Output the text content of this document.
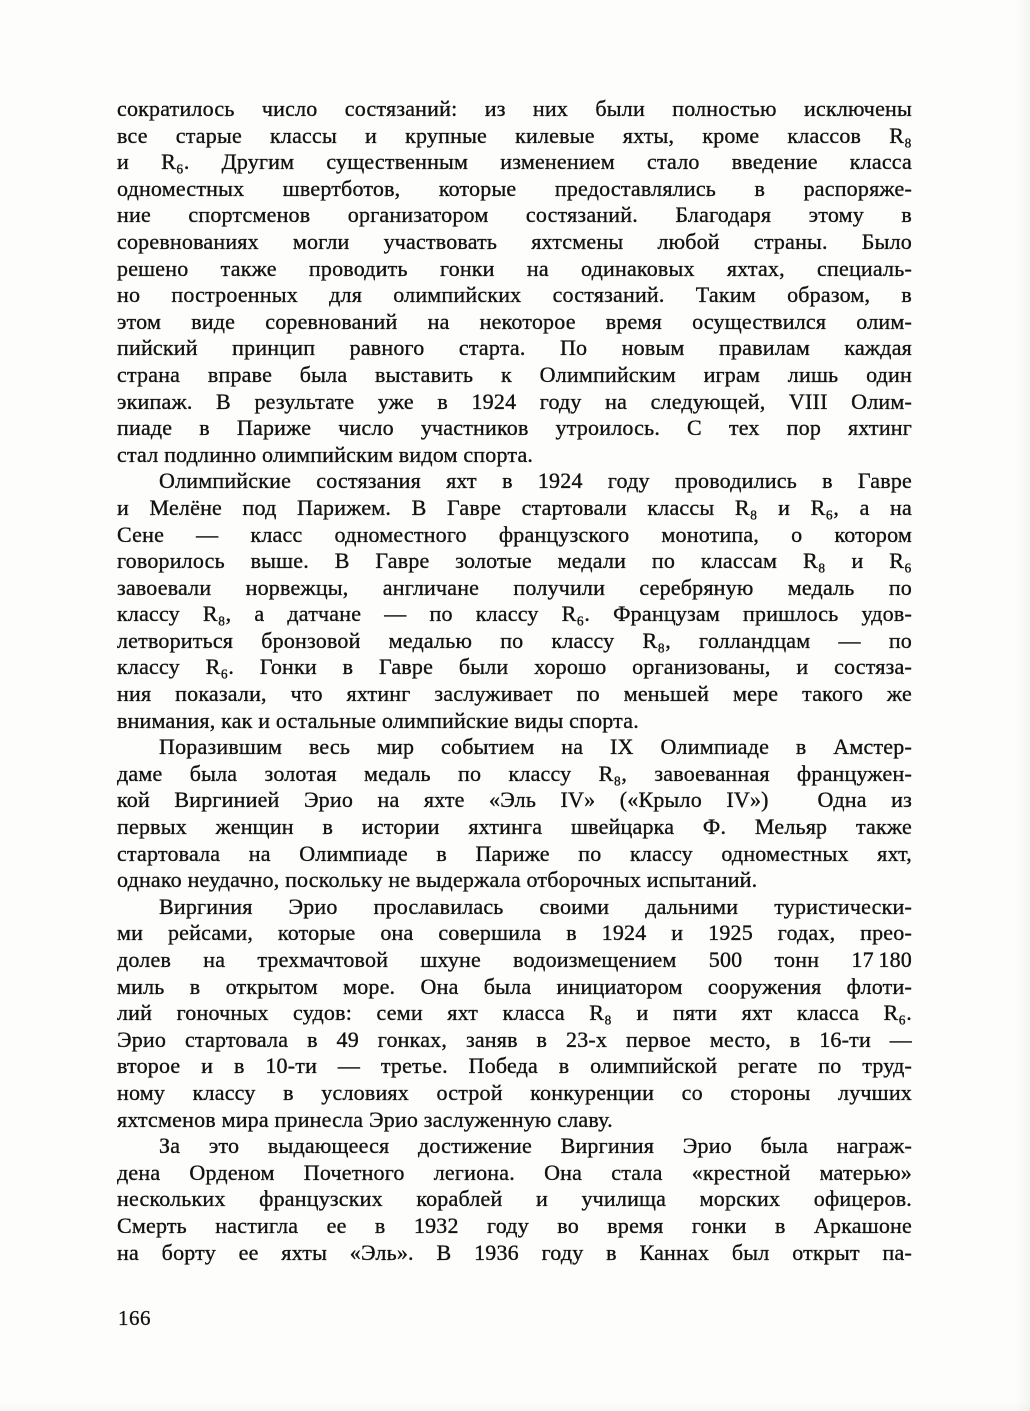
сократилось число состязаний: из них были полностью исключены
все старые классы и крупные килевые яхты, кроме классов R₈
и R₆. Другим существенным изменением стало введение класса
одноместных швертботов, которые предоставлялись в распоряже-
ние спортсменов организатором состязаний. Благодаря этому в
соревнованиях могли участвовать яхтсмены любой страны. Было
решено также проводить гонки на одинаковых яхтах, специаль-
но построенных для олимпийских состязаний. Таким образом, в
этом виде соревнований на некоторое время осуществился олим-
пийский принцип равного старта. По новым правилам каждая
страна вправе была выставить к Олимпийским играм лишь один
экипаж. В результате уже в 1924 году на следующей, VIII Олим-
пиаде в Париже число участников утроилось. С тех пор яхтинг
стал подлинно олимпийским видом спорта.
Олимпийские состязания яхт в 1924 году проводились в Гавре
и Мелёне под Парижем. В Гавре стартовали классы R₈ и R₆, а на
Сене — класс одноместного французского монотипа, о котором
говорилось выше. В Гавре золотые медали по классам R₈ и R₆
завоевали норвежцы, англичане получили серебряную медаль по
классу R₈, а датчане — по классу R₆. Французам пришлось удов-
летвориться бронзовой медалью по классу R₈, голландцам — по
классу R₆. Гонки в Гавре были хорошо организованы, и состяза-
ния показали, что яхтинг заслуживает по меньшей мере такого же
внимания, как и остальные олимпийские виды спорта.
Поразившим весь мир событием на IX Олимпиаде в Амстер-
даме была золотая медаль по классу R₈, завоеванная францужен-
кой Виргинией Эрио на яхте «Эль IV» («Крыло IV»)  Одна из
первых женщин в истории яхтинга швейцарка Ф. Мельяр также
стартовала на Олимпиаде в Париже по классу одноместных яхт,
однако неудачно, поскольку не выдержала отборочных испытаний.
Виргиния Эрио прославилась своими дальними туристически-
ми рейсами, которые она совершила в 1924 и 1925 годах, прео-
долев на трехмачтовой шхуне водоизмещением 500 тонн 17 180
миль в открытом море. Она была инициатором сооружения флоти-
лий гоночных судов: семи яхт класса R₈ и пяти яхт класса R₆.
Эрио стартовала в 49 гонках, заняв в 23-х первое место, в 16-ти —
второе и в 10-ти — третье. Победа в олимпийской регате по труд-
ному классу в условиях острой конкуренции со стороны лучших
яхтсменов мира принесла Эрио заслуженную славу.
За это выдающееся достижение Виргиния Эрио была награж-
дена Орденом Почетного легиона. Она стала «крестной матерью»
нескольких французских кораблей и училища морских офицеров.
Смерть настигла ее в 1932 году во время гонки в Аркашоне
на борту ее яхты «Эль». В 1936 году в Каннах был открыт па-
166
